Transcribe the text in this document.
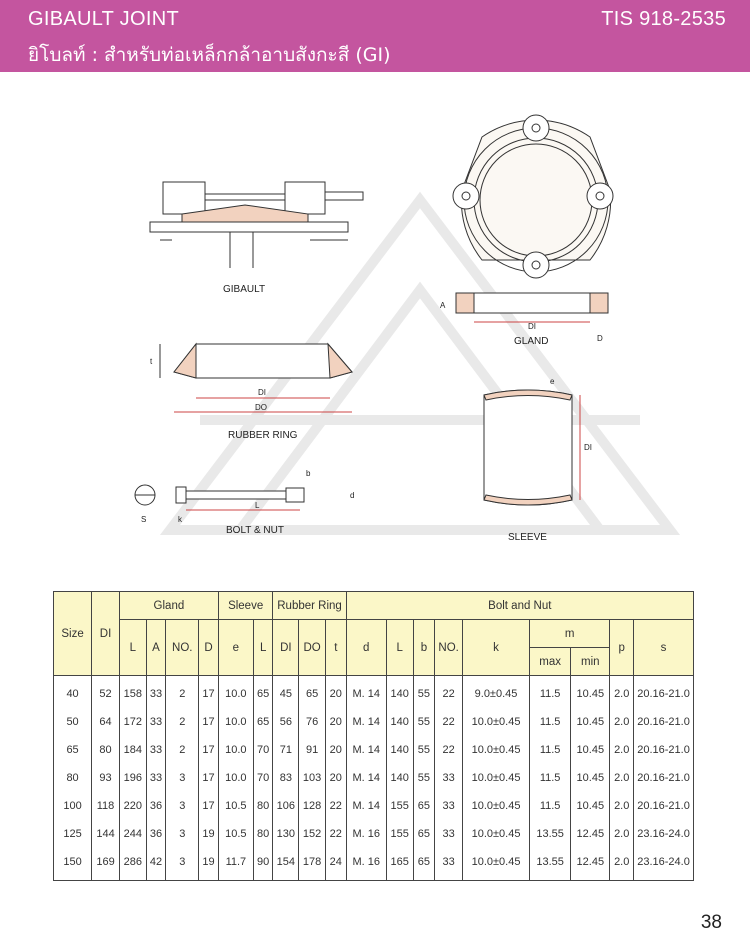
GIBAULT JOINT	TIS 918-2535
ยิโบลท์ : สำหรับท่อเหล็กกล้าอาบสังกะสี (GI)
GIBAULT
A
DI
D
GLAND
t
DI
DO
RUBBER RING
e
DI
SLEEVE
S	k
b
L
d
BOLT & NUT
Size	DI	Gland				Sleeve		Rubber Ring			Bolt and Nut								
		L	A	NO.	D	e	L	DI	DO	t	d	L	b	NO.	k	m		p	s
																max	min		
40	52	158	33	2	17	10.0	65	45	65	20	M. 14	140	55	22	9.0±0.45	11.5	10.45	2.0	20.16-21.0
50	64	172	33	2	17	10.0	65	56	76	20	M. 14	140	55	22	10.0±0.45	11.5	10.45	2.0	20.16-21.0
65	80	184	33	2	17	10.0	70	71	91	20	M. 14	140	55	22	10.0±0.45	11.5	10.45	2.0	20.16-21.0
80	93	196	33	3	17	10.0	70	83	103	20	M. 14	140	55	33	10.0±0.45	11.5	10.45	2.0	20.16-21.0
100	118	220	36	3	17	10.5	80	106	128	22	M. 14	155	65	33	10.0±0.45	11.5	10.45	2.0	20.16-21.0
125	144	244	36	3	19	10.5	80	130	152	22	M. 16	155	65	33	10.0±0.45	13.55	12.45	2.0	23.16-24.0
150	169	286	42	3	19	11.7	90	154	178	24	M. 16	165	65	33	10.0±0.45	13.55	12.45	2.0	23.16-24.0
38
